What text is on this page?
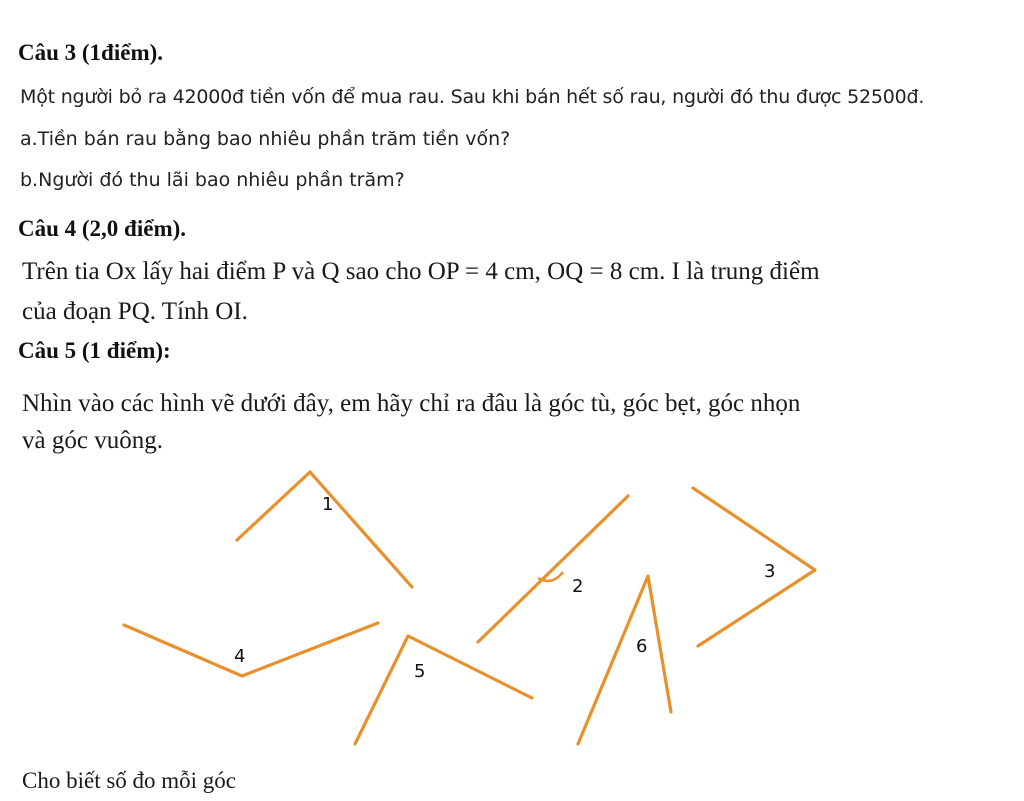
Câu 3 (1điểm).
Một người bỏ ra 42000đ tiền vốn để mua rau. Sau khi bán hết số rau, người đó thu được 52500đ.
a.Tiền bán rau bằng bao nhiêu phần trăm tiền vốn?
b.Người đó thu lãi bao nhiêu phần trăm?
Câu 4 (2,0 điểm).
Trên tia Ox lấy hai điểm P và Q sao cho OP = 4 cm, OQ = 8 cm. I là trung điểm
của đoạn PQ. Tính OI.
Câu 5 (1 điểm):
Nhìn vào các hình vẽ dưới đây, em hãy chỉ ra đâu là góc tù, góc bẹt, góc nhọn
và góc vuông.
1
2
3
4
5
6
Cho biết số đo mỗi góc
